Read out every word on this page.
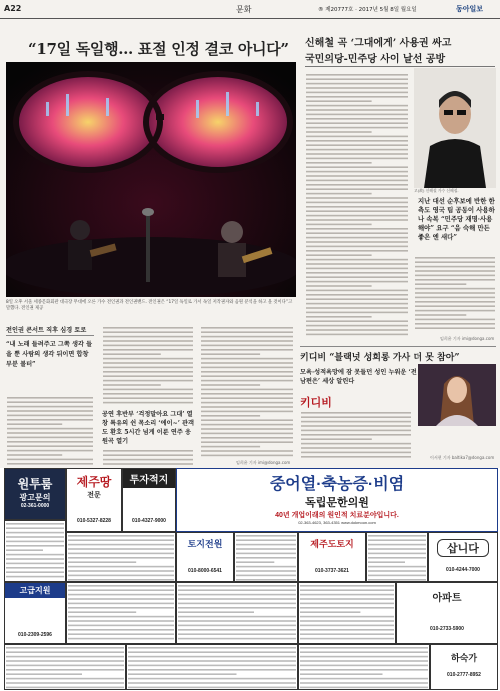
A22	문화	® 제20777호 · 2017년 5월 8일 월요일	동아일보
“17일 독일행… 표절 인정 결코 아니다”
8일 오후 서울 세종문화회관 대극장 무대에 오른 가수 전인권과 전인권밴드. 전인권은 “17일 독일로 가서 독일 저작권자와 음원 분석을 하고 올 것이다”고 말했다. 전인권 제공
신해철 곡 ‘그대에게’ 사용권 싸고
국민의당-민주당 사이 날선 공방
고(故) 신해철 가수 신해철.
지난 대선 순후보에 반한 한 측도 영국 팀 공동이 사용하나 속복 “민주당 재명·사용해야” 요구 “음 숙해 만든 좋은 엔 새다”
임희윤 기자 imi@donga.com
전인권 콘서트 직후 심경 토로
“내 노래 들려주고 그쪽 생각 들을 뿐 사람의 생각 뒤이면 합창부분 볼터”
공연 후반부 ‘걱정말아요 그대’ 열창 특유의 쉰 목소리 ‘에이~’ 관객도 환호 5시간 넘게 이룬 연주 응원곡 열기
임희윤 기자 imi@donga.com
키디비 “블랙넛 성희롱 가사 더 못 참아”
모욕·성적욕망에 잠 못들던 성인 누워운 ‘전 남편은’ 세상 알린다
키디비
이서현 기자 baltika7@donga.com
원투룸
광고문의
02-361-0000
제주땅
전문
010-5327-8228
투자적지
010-4327-9000
중어열·축농증·비염
독립문한의원
40년 개업이래의 원인적 치료분야입니다.
02-363-4623, 363-4351 www.dokmoon.com
토지전원
010-8000-6541
제주도토지
010-3737-3621
삽니다
010-4244-7000
고급지원
010-2309-2596
아파트
010-2733-5900
하숙가
010-2777-8952
